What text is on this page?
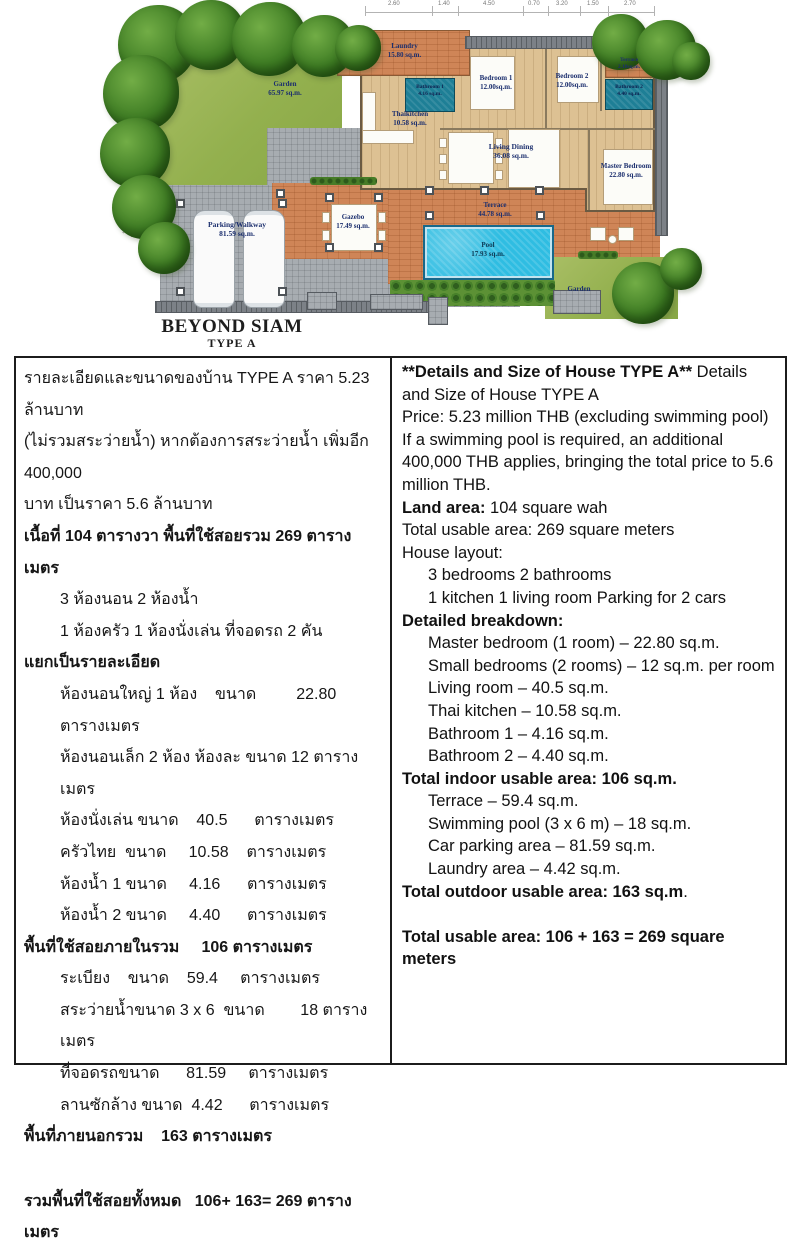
2.60	1.40	4.50	0.70	3.20	1.50	2.70
Garden
65.97 sq.m.
Laundry
15.80 sq.m.
Bedroom 1
12.00sq.m.
Bedroom 2
12.00sq.m.
Bathroom 1
4.16 sq.m.
Bathroom 2
4.40 sq.m.
Terrace
2.18sq.m.
Thaikitchen
10.58 sq.m.
Living Dining
36.08 sq.m.
Master Bedroom
22.80 sq.m.
Terrace
44.78 sq.m.
Gazebo
17.49 sq.m.
Pool
17.93 sq.m.
Parking/Walkway
81.59 sq.m.
Garden
BEYOND SIAM
TYPE A
รายละเอียดและขนาดของบ้าน TYPE A ราคา 5.23 ล้านบาท
(ไม่รวมสระว่ายน้ำ) หากต้องการสระว่ายน้ำ เพิ่มอีก 400,000
บาท เป็นราคา 5.6 ล้านบาท
เนื้อที่ 104 ตารางวา พื้นที่ใช้สอยรวม 269 ตารางเมตร
3 ห้องนอน 2 ห้องน้ำ
1 ห้องครัว 1 ห้องนั่งเล่น ที่จอดรถ 2 คัน
แยกเป็นรายละเอียด
ห้องนอนใหญ่ 1 ห้อง    ขนาด         22.80   ตารางเมตร
ห้องนอนเล็ก 2 ห้อง ห้องละ ขนาด 12 ตารางเมตร
ห้องนั่งเล่น ขนาด    40.5      ตารางเมตร
ครัวไทย  ขนาด     10.58    ตารางเมตร
ห้องน้ำ 1 ขนาด     4.16      ตารางเมตร
ห้องน้ำ 2 ขนาด     4.40      ตารางเมตร
พื้นที่ใช้สอยภายในรวม     106 ตารางเมตร
ระเบียง    ขนาด    59.4     ตารางเมตร
สระว่ายน้ำขนาด 3 x 6  ขนาด        18 ตารางเมตร
ที่จอดรถขนาด      81.59     ตารางเมตร
ลานซักล้าง ขนาด  4.42      ตารางเมตร
พื้นที่ภายนอกรวม    163 ตารางเมตร
รวมพื้นที่ใช้สอยทั้งหมด   106+ 163= 269 ตารางเมตร
**Details and Size of House TYPE A** Details and Size of House TYPE A
Price: 5.23 million THB (excluding swimming pool)
If a swimming pool is required, an additional 400,000 THB applies, bringing the total price to 5.6 million THB.
Land area: 104 square wah
Total usable area: 269 square meters
House layout:
3 bedrooms 2 bathrooms
1 kitchen 1 living room Parking for 2 cars
Detailed breakdown:
Master bedroom (1 room) – 22.80 sq.m.
Small bedrooms (2 rooms) – 12 sq.m. per room
Living room – 40.5 sq.m.
Thai kitchen – 10.58 sq.m.
Bathroom 1 – 4.16 sq.m.
Bathroom 2 – 4.40 sq.m.
Total indoor usable area: 106 sq.m.
Terrace – 59.4 sq.m.
Swimming pool (3 x 6 m) – 18 sq.m.
Car parking area – 81.59 sq.m.
Laundry area – 4.42 sq.m.
Total outdoor usable area: 163 sq.m.
Total usable area: 106 + 163 = 269 square meters
